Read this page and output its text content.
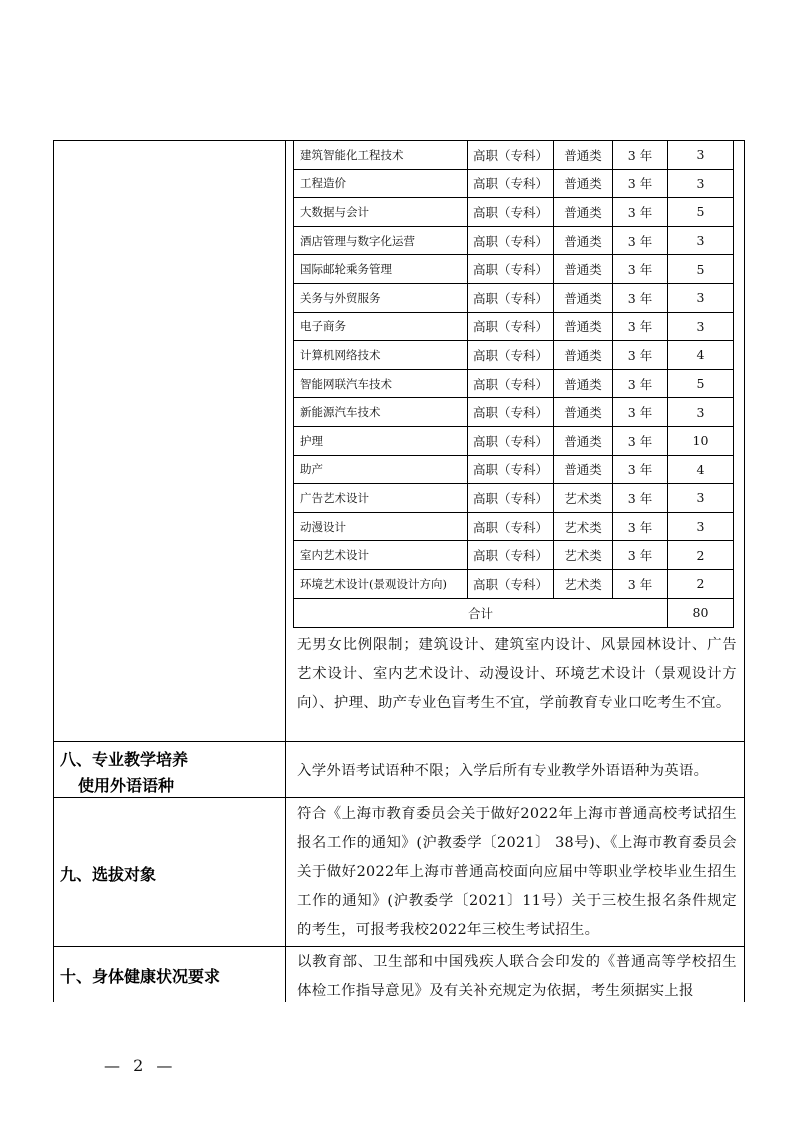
建筑智能化工程技术	高职（专科）	普通类	3 年	3
工程造价	高职（专科）	普通类	3 年	3
大数据与会计	高职（专科）	普通类	3 年	5
酒店管理与数字化运营	高职（专科）	普通类	3 年	3
国际邮轮乘务管理	高职（专科）	普通类	3 年	5
关务与外贸服务	高职（专科）	普通类	3 年	3
电子商务	高职（专科）	普通类	3 年	3
计算机网络技术	高职（专科）	普通类	3 年	4
智能网联汽车技术	高职（专科）	普通类	3 年	5
新能源汽车技术	高职（专科）	普通类	3 年	3
护理	高职（专科）	普通类	3 年	10
助产	高职（专科）	普通类	3 年	4
广告艺术设计	高职（专科）	艺术类	3 年	3
动漫设计	高职（专科）	艺术类	3 年	3
室内艺术设计	高职（专科）	艺术类	3 年	2
环境艺术设计(景观设计方向)	高职（专科）	艺术类	3 年	2
合计				80
无男女比例限制；建筑设计、建筑室内设计、风景园林设计、广告艺术设计、室内艺术设计、动漫设计、环境艺术设计（景观设计方向）、护理、助产专业色盲考生不宜，学前教育专业口吃考生不宜。
八、专业教学培养
使用外语语种
入学外语考试语种不限；入学后所有专业教学外语语种为英语。
九、选拔对象
符合《上海市教育委员会关于做好2022年上海市普通高校考试招生报名工作的通知》(沪教委学〔2021〕 38号)、《上海市教育委员会关于做好2022年上海市普通高校面向应届中等职业学校毕业生招生工作的通知》(沪教委学〔2021〕11号）关于三校生报名条件规定的考生，可报考我校2022年三校生考试招生。
十、身体健康状况要求
以教育部、卫生部和中国残疾人联合会印发的《普通高等学校招生体检工作指导意见》及有关补充规定为依据，考生须据实上报
— 2 —
